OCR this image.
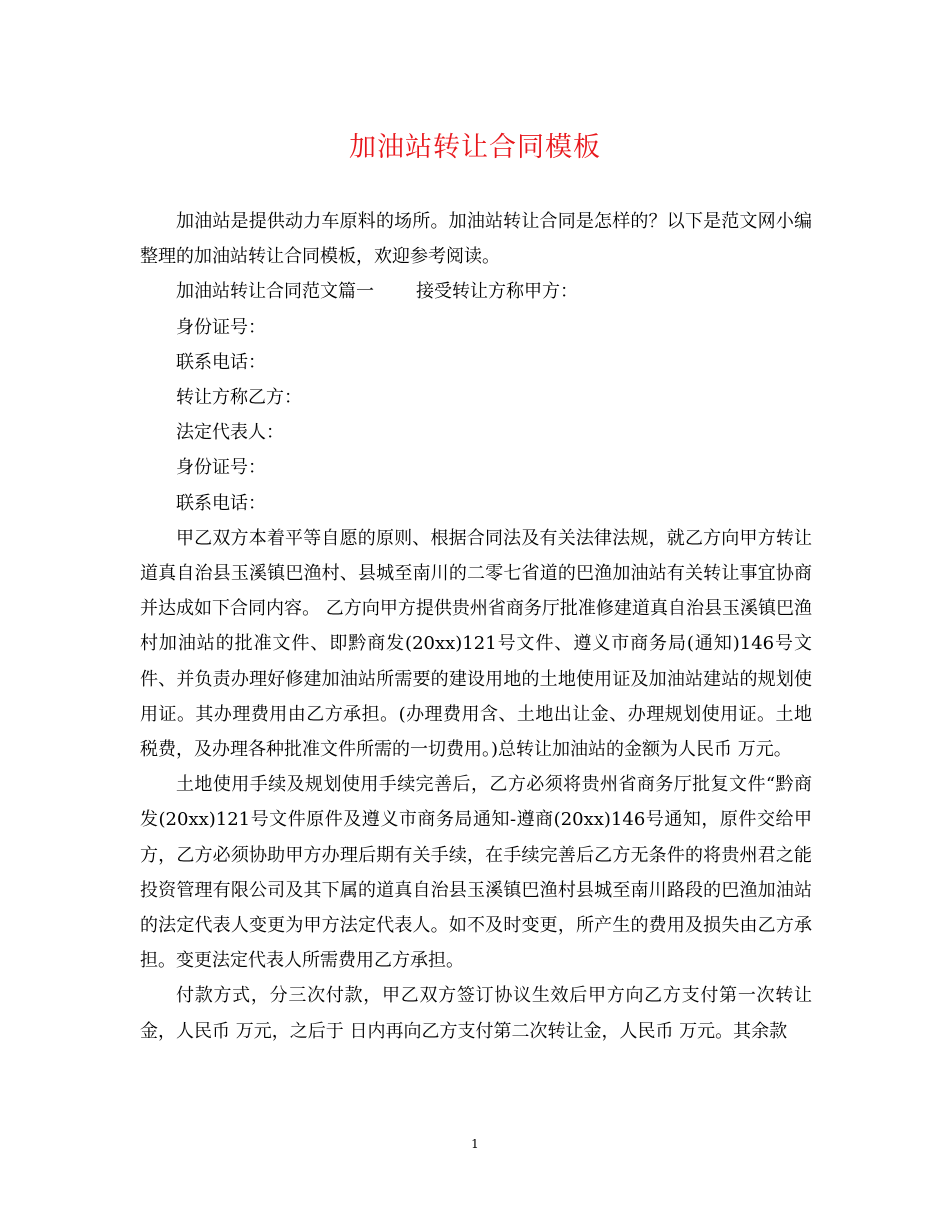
加油站转让合同模板

加油站是提供动力车原料的场所。加油站转让合同是怎样的？以下是范文网小编整理的加油站转让合同模板，欢迎参考阅读。

加油站转让合同范文篇一 接受转让方称甲方：

身份证号：

联系电话：

转让方称乙方：

法定代表人：

身份证号：

联系电话：

甲乙双方本着平等自愿的原则、根据合同法及有关法律法规，就乙方向甲方转让道真自治县玉溪镇巴渔村、县城至南川的二零七省道的巴渔加油站有关转让事宜协商并达成如下合同内容。 乙方向甲方提供贵州省商务厅批准修建道真自治县玉溪镇巴渔村加油站的批准文件、即黔商发(20xx)121号文件、遵义市商务局(通知)146号文件、并负责办理好修建加油站所需要的建设用地的土地使用证及加油站建站的规划使用证。其办理费用由乙方承担。(办理费用含、土地出让金、办理规划使用证。土地税费，及办理各种批准文件所需的一切费用。)总转让加油站的金额为人民币 万元。

土地使用手续及规划使用手续完善后，乙方必须将贵州省商务厅批复文件“黔商发(20xx)121号文件原件及遵义市商务局通知-遵商(20xx)146号通知，原件交给甲方，乙方必须协助甲方办理后期有关手续，在手续完善后乙方无条件的将贵州君之能投资管理有限公司及其下属的道真自治县玉溪镇巴渔村县城至南川路段的巴渔加油站的法定代表人变更为甲方法定代表人。如不及时变更，所产生的费用及损失由乙方承担。变更法定代表人所需费用乙方承担。

付款方式，分三次付款，甲乙双方签订协议生效后甲方向乙方支付第一次转让金，人民币 万元，之后于 日内再向乙方支付第二次转让金，人民币 万元。其余款

1
